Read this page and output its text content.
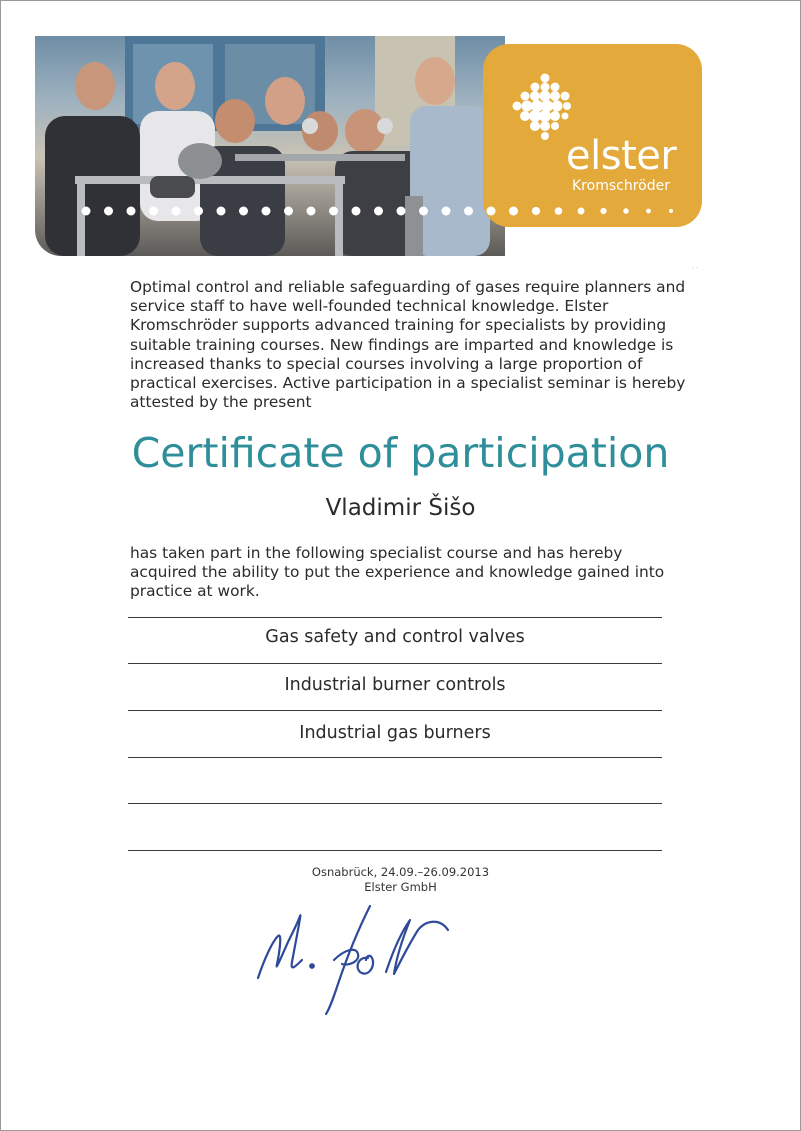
elster
Kromschröder
· ·

Optimal control and reliable safeguarding of gases require planners and service staff to have well-founded technical knowledge. Elster Kromschröder supports advanced training for specialists by providing suitable training courses. New findings are imparted and knowledge is increased thanks to special courses involving a large proportion of practical exercises. Active participation in a specialist seminar is hereby attested by the present

Certificate of participation
Vladimir Šišo

has taken part in the following specialist course and has hereby acquired the ability to put the experience and knowledge gained into practice at work.

Gas safety and control valves
Industrial burner controls
Industrial gas burners
Osnabrück, 24.09.–26.09.2013
Elster GmbH
